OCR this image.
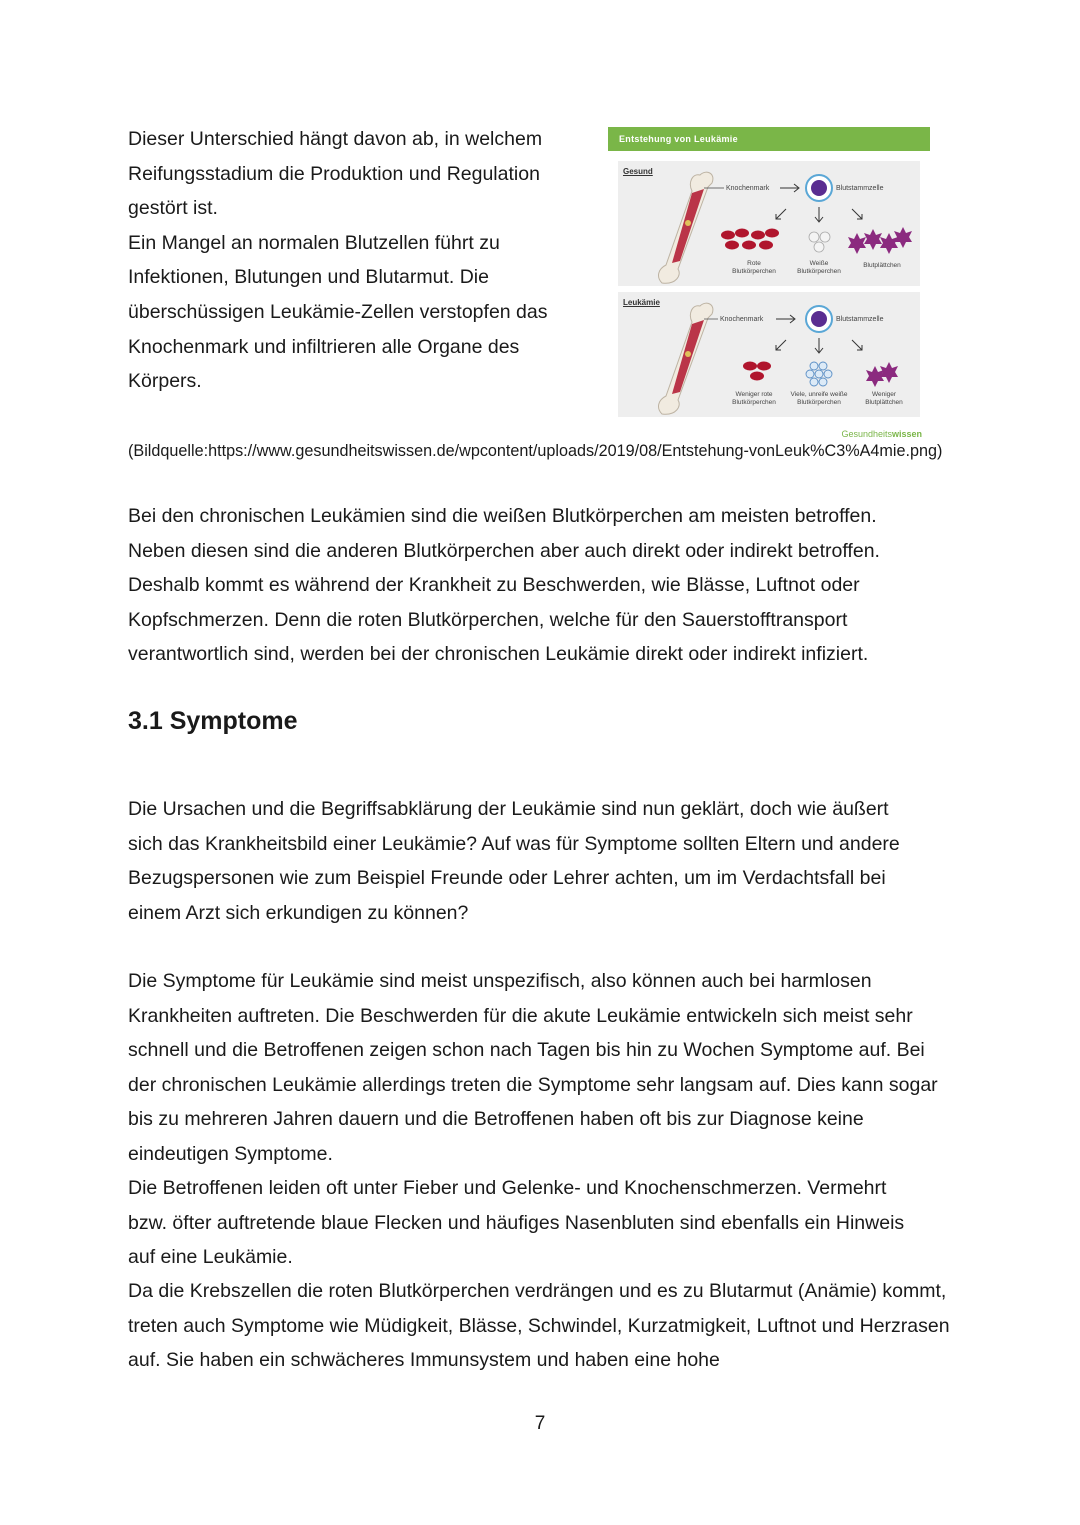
Dieser Unterschied hängt davon ab, in welchem Reifungsstadium die Produktion und Regulation gestört ist.

Ein Mangel an normalen Blutzellen führt zu Infektionen, Blutungen und Blutarmut. Die überschüssigen Leukämie-Zellen verstopfen das Knochenmark und infiltrieren alle Organe des Körpers.

Entstehung von Leukämie
Gesund
Knochenmark	Blutstammzelle
Rote
Blutkörperchen
Weiße
Blutkörperchen
Blutplättchen
Leukämie
Knochenmark	Blutstammzelle
Weniger rote
Blutkörperchen
Viele, unreife weiße
Blutkörperchen
Weniger
Blutplättchen
Gesundheitswissen
(Bildquelle:https://www.gesundheitswissen.de/wpcontent/uploads/2019/08/Entstehung-vonLeuk%C3%A4mie.png)

Bei den chronischen Leukämien sind die weißen Blutkörperchen am meisten betroffen. Neben diesen sind die anderen Blutkörperchen aber auch direkt oder indirekt betroffen. Deshalb kommt es während der Krankheit zu Beschwerden, wie Blässe, Luftnot oder Kopfschmerzen. Denn die roten Blutkörperchen, welche für den Sauerstofftransport verantwortlich sind, werden bei der chronischen Leukämie direkt oder indirekt infiziert.

3.1 Symptome

Die Ursachen und die Begriffsabklärung der Leukämie sind nun geklärt, doch wie äußert sich das Krankheitsbild einer Leukämie? Auf was für Symptome sollten Eltern und andere Bezugspersonen wie zum Beispiel Freunde oder Lehrer achten, um im Verdachtsfall bei einem Arzt sich erkundigen zu können?

Die Symptome für Leukämie sind meist unspezifisch, also können auch bei harmlosen Krankheiten auftreten. Die Beschwerden für die akute Leukämie entwickeln sich meist sehr schnell und die Betroffenen zeigen schon nach Tagen bis hin zu Wochen Symptome auf. Bei der chronischen Leukämie allerdings treten die Symptome sehr langsam auf. Dies kann sogar bis zu mehreren Jahren dauern und die Betroffenen haben oft bis zur Diagnose keine eindeutigen Symptome.

Die Betroffenen leiden oft unter Fieber und Gelenke- und Knochenschmerzen. Vermehrt bzw. öfter auftretende blaue Flecken und häufiges Nasenbluten sind ebenfalls ein Hinweis auf eine Leukämie.

Da die Krebszellen die roten Blutkörperchen verdrängen und es zu Blutarmut (Anämie) kommt, treten auch Symptome wie Müdigkeit, Blässe, Schwindel, Kurzatmigkeit, Luftnot und Herzrasen auf. Sie haben ein schwächeres Immunsystem und haben eine hohe

7
